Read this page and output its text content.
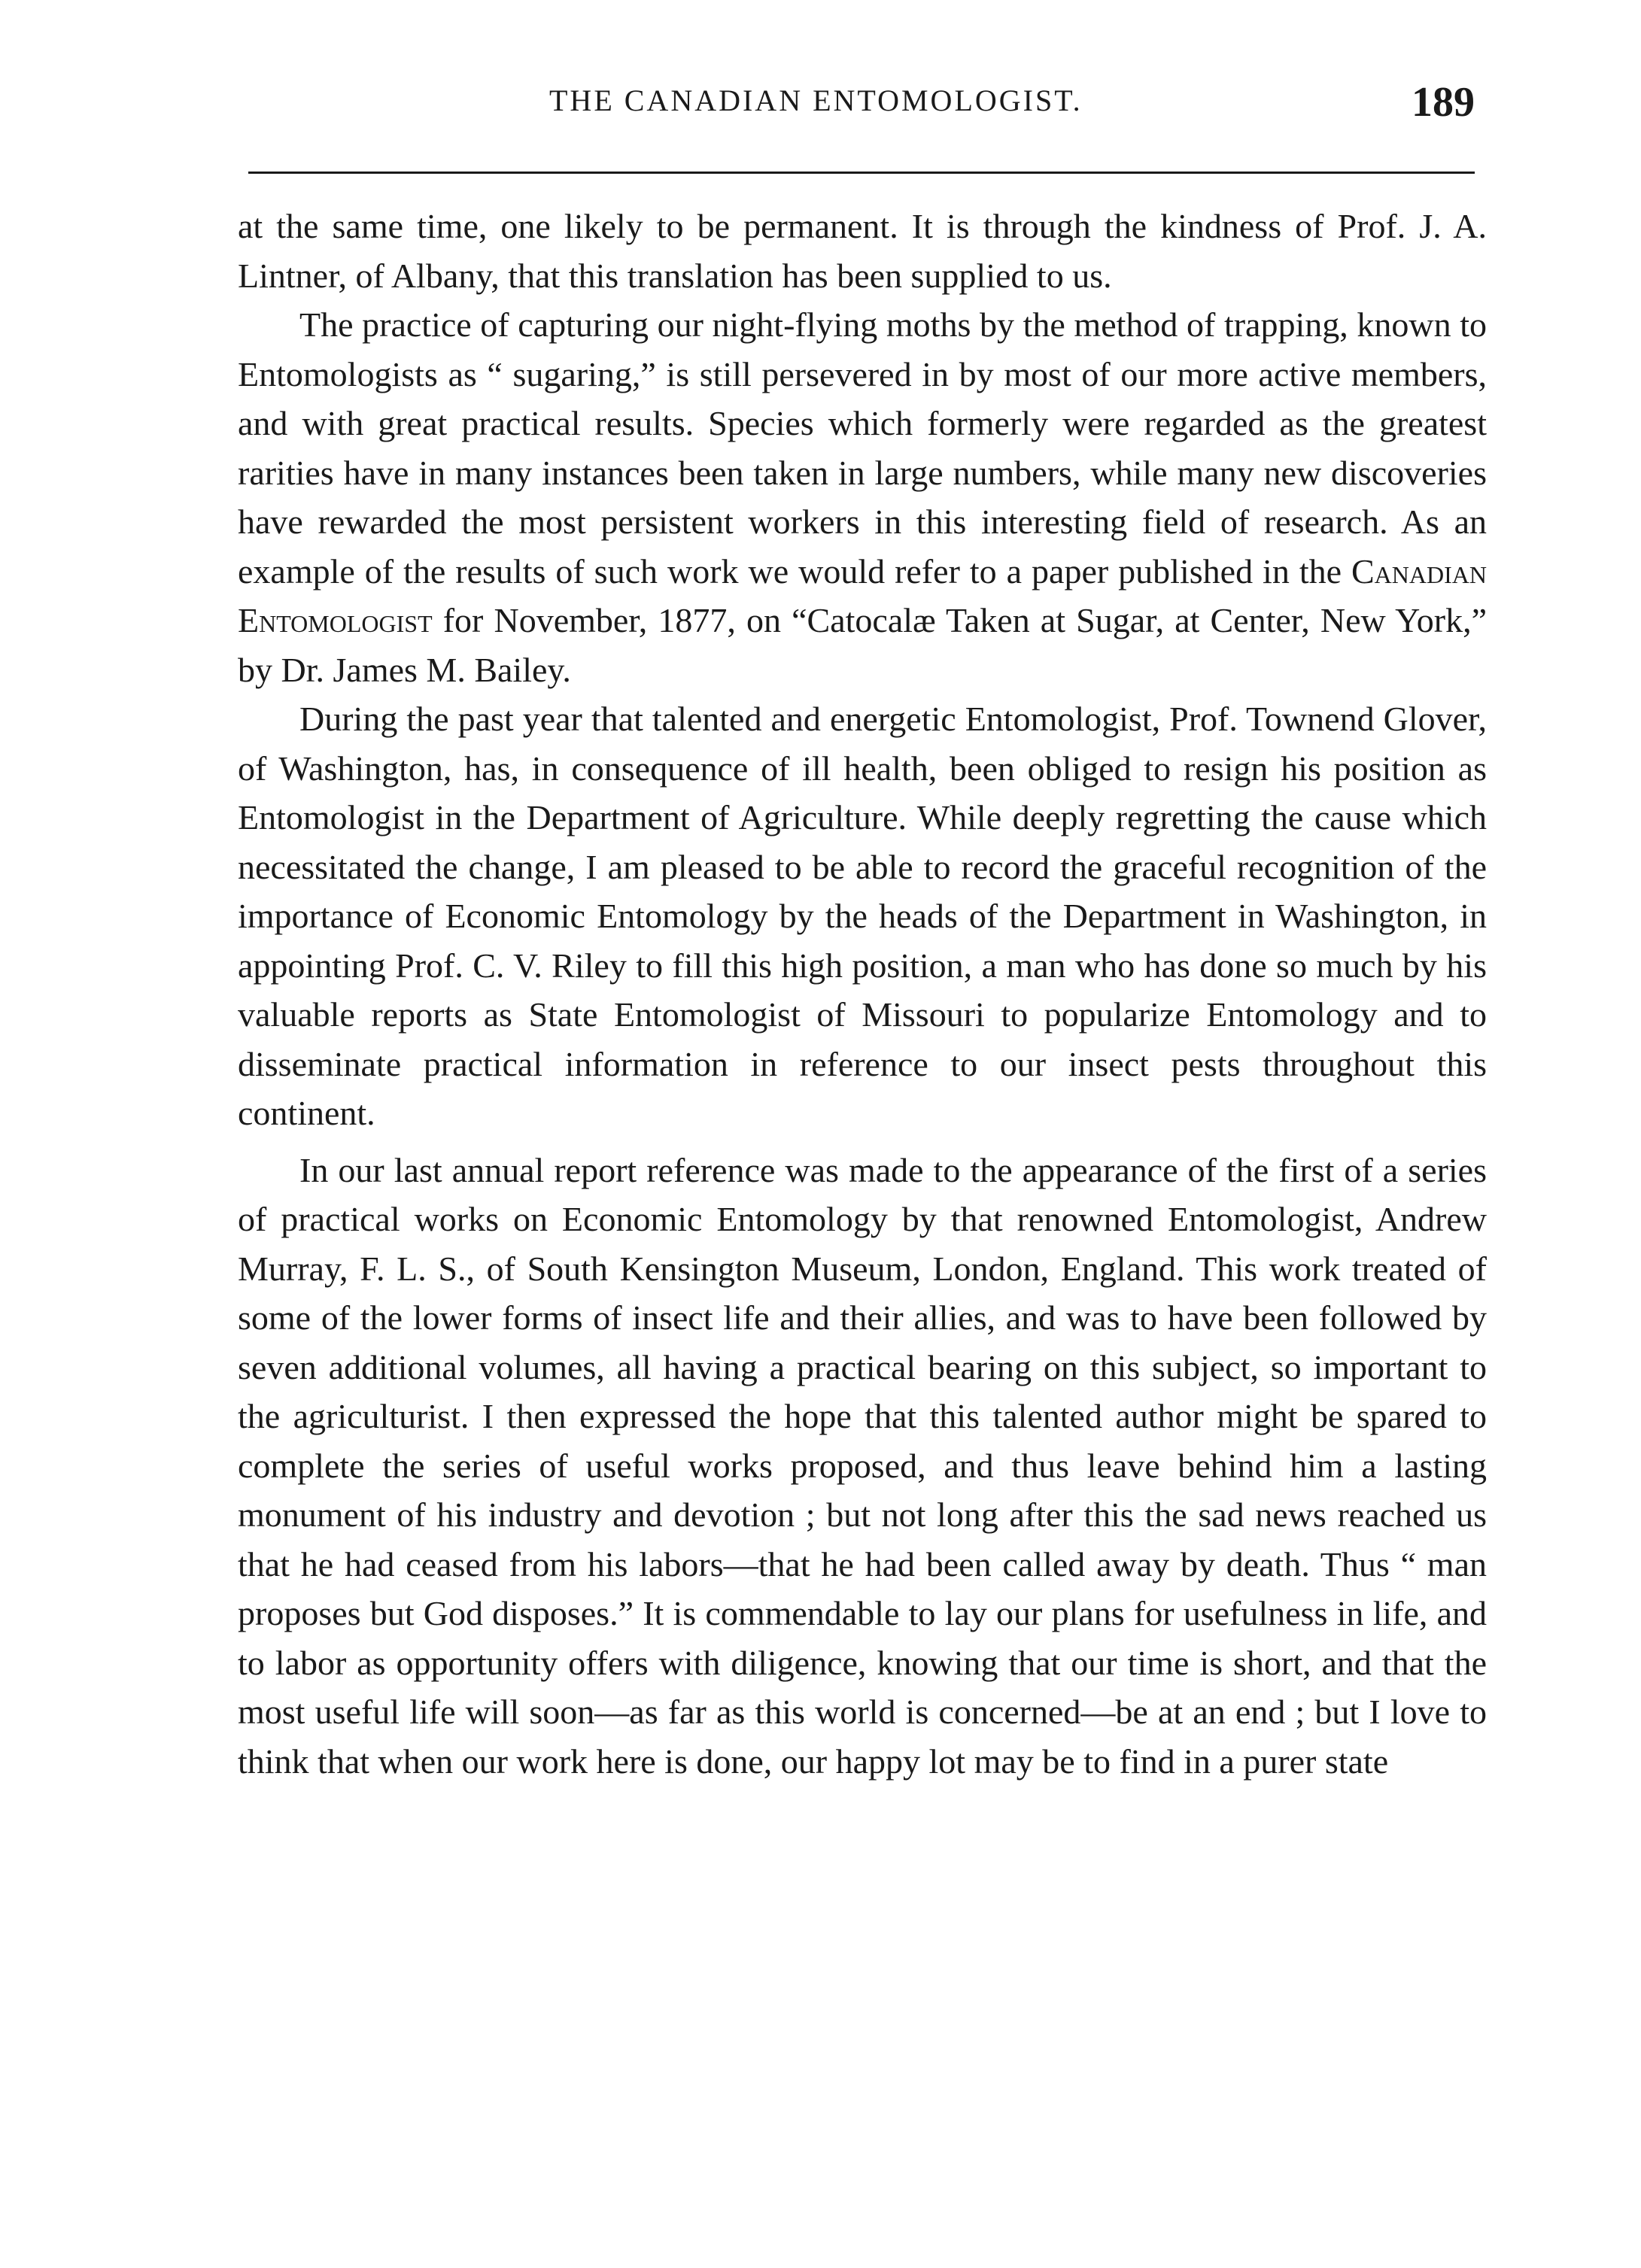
THE CANADIAN ENTOMOLOGIST.	189

at the same time, one likely to be permanent. It is through the kindness of Prof. J. A. Lintner, of Albany, that this translation has been supplied to us.

The practice of capturing our night-flying moths by the method of trapping, known to Entomologists as “ sugaring,” is still persevered in by most of our more active members, and with great practical results. Species which formerly were regarded as the greatest rarities have in many instances been taken in large numbers, while many new discoveries have rewarded the most persistent workers in this interesting field of research. As an example of the results of such work we would refer to a paper published in the Canadian Entomologist for November, 1877, on “Catocalæ Taken at Sugar, at Center, New York,” by Dr. James M. Bailey.

During the past year that talented and energetic Entomologist, Prof. Townend Glover, of Washington, has, in consequence of ill health, been obliged to resign his position as Entomologist in the Department of Agriculture. While deeply regretting the cause which necessitated the change, I am pleased to be able to record the graceful recognition of the importance of Economic Entomology by the heads of the Department in Washington, in appointing Prof. C. V. Riley to fill this high position, a man who has done so much by his valuable reports as State Entomologist of Missouri to popularize Entomology and to disseminate practical information in reference to our insect pests throughout this continent.

In our last annual report reference was made to the appearance of the first of a series of practical works on Economic Entomology by that renowned Entomologist, Andrew Murray, F. L. S., of South Kensington Museum, London, England. This work treated of some of the lower forms of insect life and their allies, and was to have been followed by seven additional volumes, all having a practical bearing on this subject, so important to the agriculturist. I then expressed the hope that this talented author might be spared to complete the series of useful works proposed, and thus leave behind him a lasting monument of his industry and devotion ; but not long after this the sad news reached us that he had ceased from his labors—that he had been called away by death. Thus “ man proposes but God disposes.” It is commendable to lay our plans for usefulness in life, and to labor as opportunity offers with diligence, knowing that our time is short, and that the most useful life will soon—as far as this world is concerned—be at an end ; but I love to think that when our work here is done, our happy lot may be to find in a purer state
